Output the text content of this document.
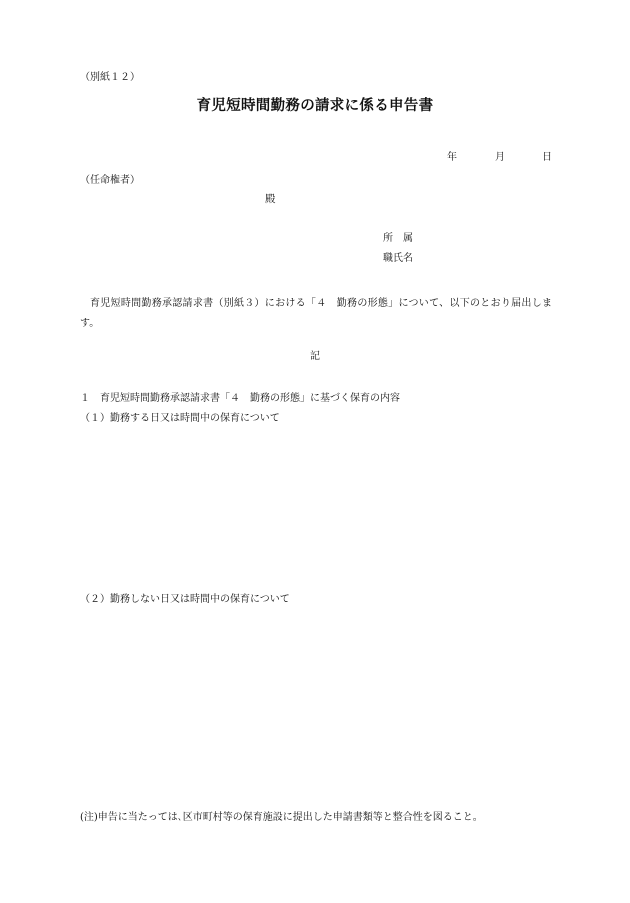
（別紙１２）
育児短時間勤務の請求に係る申告書
年	月	日
（任命権者）
殿
所　属
職氏名
育児短時間勤務承認請求書（別紙３）における「４　勤務の形態」について、以下のとおり届出します。
記
１　育児短時間勤務承認請求書「４　勤務の形態」に基づく保育の内容
（１）勤務する日又は時間中の保育について
（２）勤務しない日又は時間中の保育について
(注)申告に当たっては､区市町村等の保育施設に提出した申請書類等と整合性を図ること｡
